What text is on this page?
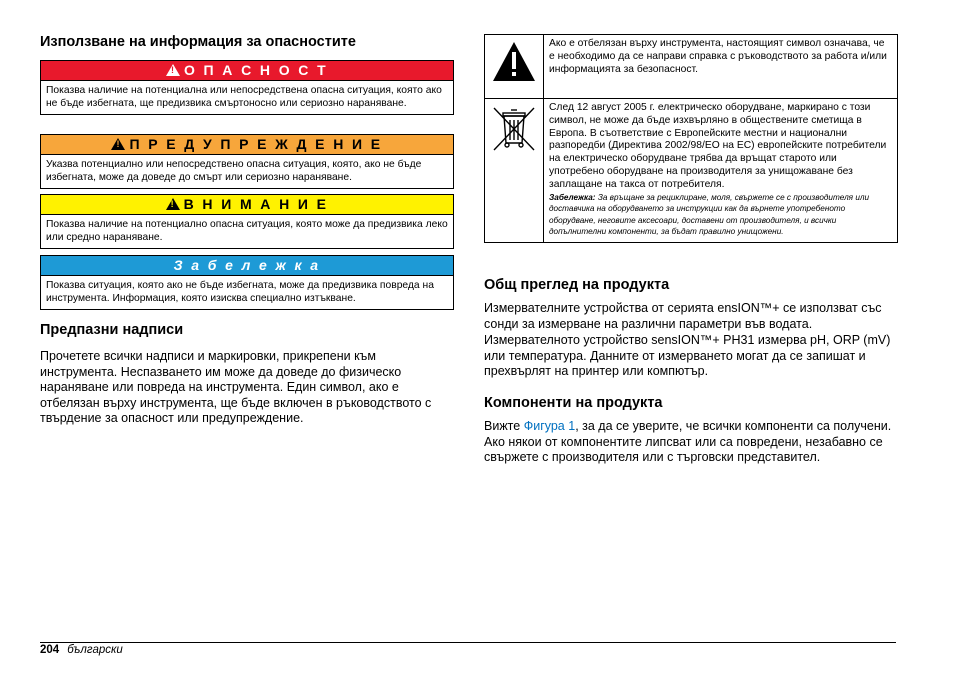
Използване на информация за опасностите
!О П А С Н О С Т
Показва наличие на потенциална или непосредствена опасна ситуация, която ако не бъде избегната, ще предизвика смъртоносно или сериозно нараняване.
!П Р Е Д У П Р Е Ж Д Е Н И Е
Указва потенциално или непосредствено опасна ситуация, която, ако не бъде избегната, може да доведе до смърт или сериозно нараняване.
!В Н И М А Н И Е
Показва наличие на потенциално опасна ситуация, която може да предизвика леко или средно нараняване.
З а б е л е ж к а
Показва ситуация, която ако не бъде избегната, може да предизвика повреда на инструмента. Информация, която изисква специално изтъкване.
Предпазни надписи

Прочетете всички надписи и маркировки, прикрепени към инструмента. Неспазването им може да доведе до физическо нараняване или повреда на инструмента. Един символ, ако е отбелязан върху инструмента, ще бъде включен в ръководството с твърдение за опасност или предупреждение.

	Ако е отбелязан върху инструмента, настоящият символ означава, че е необходимо да се направи справка с ръководството за работа и/или информацията за безопасност.

След 12 август 2005 г. електрическо оборудване, маркирано с този символ, не може да бъде изхвърляно в обществените сметища в Европа. В съответствие с Европейските местни и национални разпоредби (Директива 2002/98/EО на ЕС) европейските потребители на електрическо оборудване трябва да връщат старото или употребено оборудване на производителя за унищожаване без заплащане на такса от потребителя.
Забележка: За връщане за рециклиране, моля, свържете се с производителя или доставчика на оборудването за инструкции как да върнете употребеното оборудване, неговите аксесоари, доставени от производителя, и всички допълнителни компоненти, за бъдат правилно унищожени.
Общ преглед на продукта

Измервателните устройства от серията ensION™+ се използват със сонди за измерване на различни параметри във водата.

Измервателното устройство sensION™+ PH31 измерва pH, ORP (mV) или температура. Данните от измерването могат да се запишат и прехвърлят на принтер или компютър.

Компоненти на продукта

Вижте Фигура 1, за да се уверите, че всички компоненти са получени. Ако някои от компонентите липсват или са повредени, незабавно се свържете с производителя или с търговски представител.

204 български
